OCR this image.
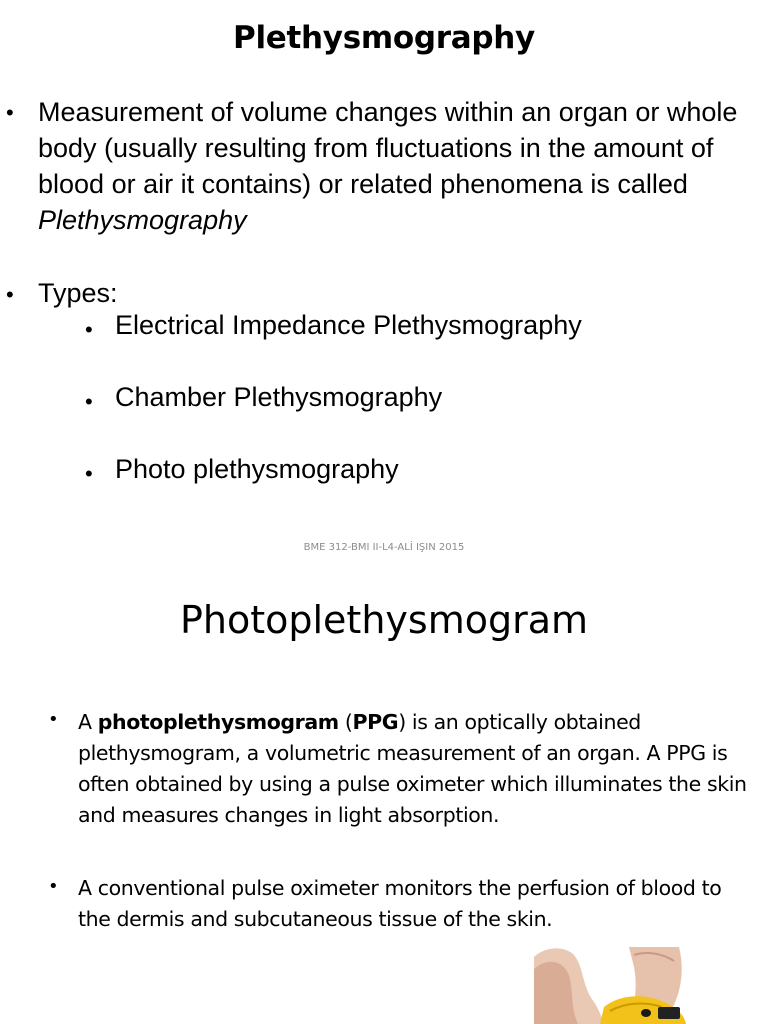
Plethysmography
• Measurement of volume changes within an organ or whole body (usually resulting from fluctuations in the amount of blood or air it contains) or related phenomena is called Plethysmography
• Types:
• Electrical Impedance Plethysmography
• Chamber Plethysmography
• Photo plethysmography
BME 312-BMI II-L4-ALİ IŞIN 2015
Photoplethysmogram
• A photoplethysmogram (PPG) is an optically obtained plethysmogram, a volumetric measurement of an organ. A PPG is often obtained by using a pulse oximeter which illuminates the skin and measures changes in light absorption.
• A conventional pulse oximeter monitors the perfusion of blood to the dermis and subcutaneous tissue of the skin.
